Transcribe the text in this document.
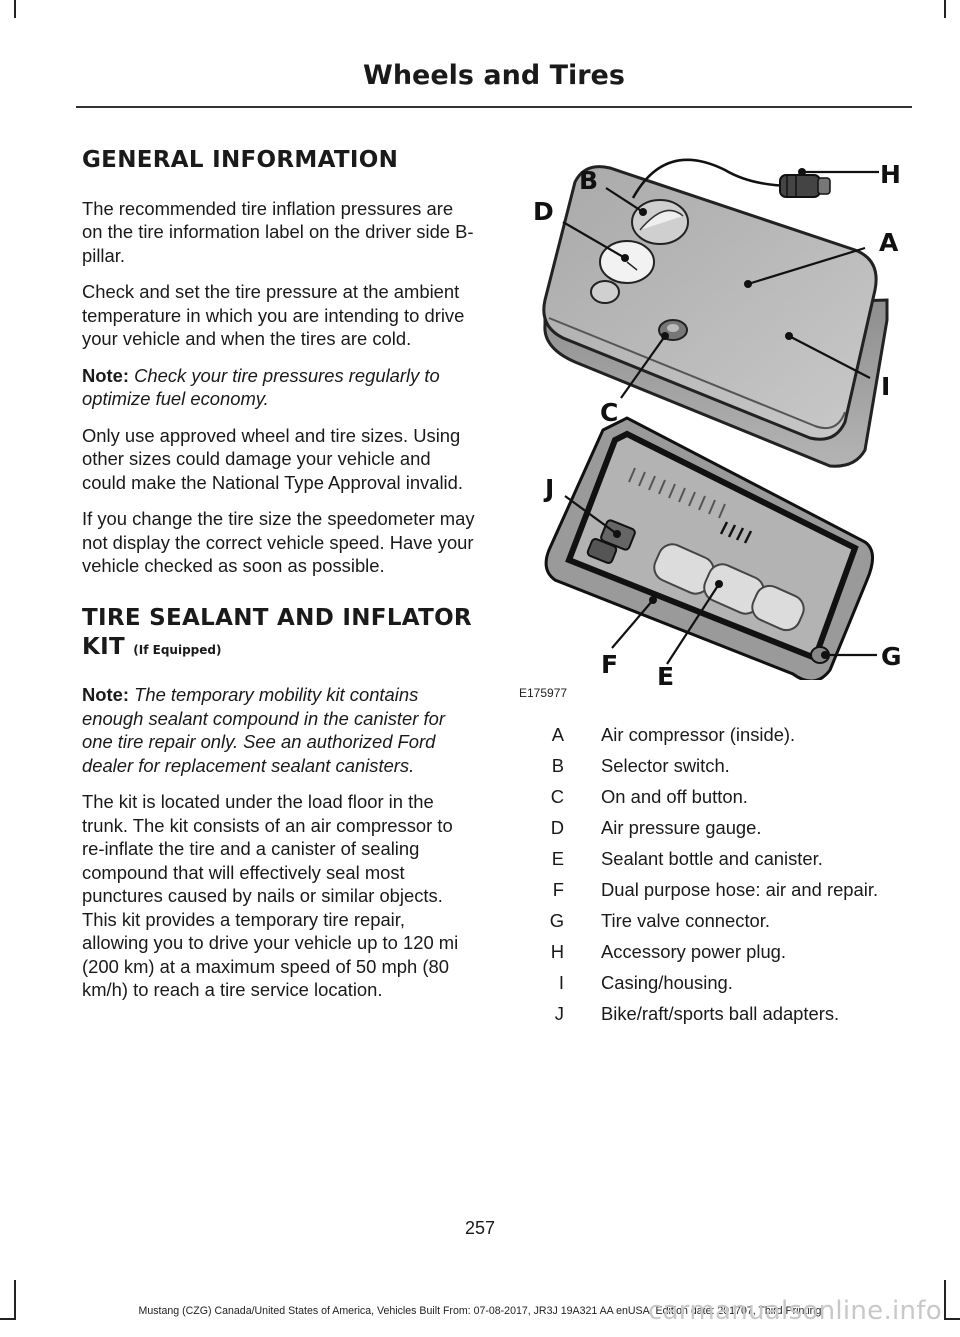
Wheels and Tires
GENERAL INFORMATION

The recommended tire inflation pressures are on the tire information label on the driver side B-pillar.

Check and set the tire pressure at the ambient temperature in which you are intending to drive your vehicle and when the tires are cold.

Note: Check your tire pressures regularly to optimize fuel economy.

Only use approved wheel and tire sizes. Using other sizes could damage your vehicle and could make the National Type Approval invalid.

If you change the tire size the speedometer may not display the correct vehicle speed. Have your vehicle checked as soon as possible.

TIRE SEALANT AND INFLATOR KIT (If Equipped)

Note: The temporary mobility kit contains enough sealant compound in the canister for one tire repair only. See an authorized Ford dealer for replacement sealant canisters.

The kit is located under the load floor in the trunk. The kit consists of an air compressor to re-inflate the tire and a canister of sealing compound that will effectively seal most punctures caused by nails or similar objects. This kit provides a temporary tire repair, allowing you to drive your vehicle up to 120 mi (200 km) at a maximum speed of 50 mph (80 km/h) to reach a tire service location.

B
D
H
A
I
C
J
F E
G
E175977
A	Air compressor (inside).
B	Selector switch.
C	On and off button.
D	Air pressure gauge.
E	Sealant bottle and canister.
F	Dual purpose hose: air and repair.
G	Tire valve connector.
H	Accessory power plug.
I	Casing/housing.
J	Bike/raft/sports ball adapters.
257
Mustang (CZG) Canada/United States of America, Vehicles Built From: 07-08-2017, JR3J 19A321 AA enUSA, Edition date: 201707, Third Printing
carmanualsonline.info
